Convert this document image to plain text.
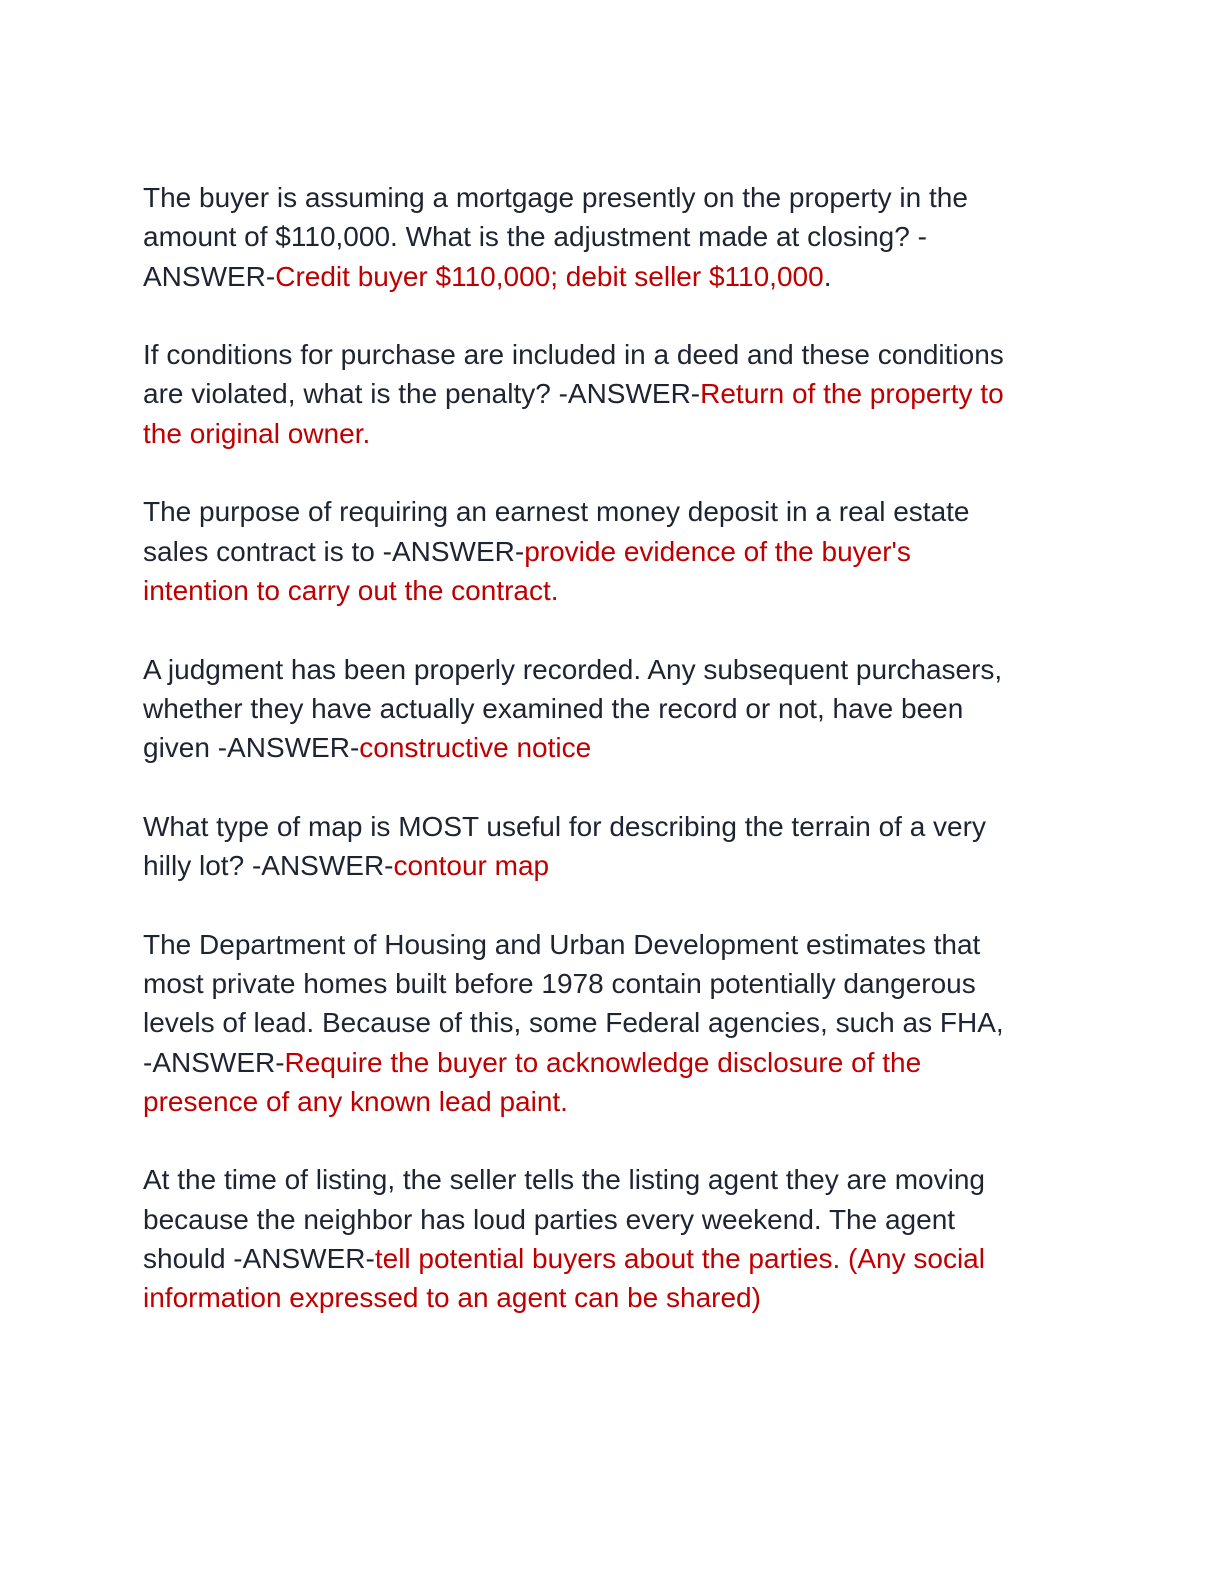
The buyer is assuming a mortgage presently on the property in the
amount of $110,000. What is the adjustment made at closing? -
ANSWER-Credit buyer $110,000; debit seller $110,000.

If conditions for purchase are included in a deed and these conditions
are violated, what is the penalty? -ANSWER-Return of the property to
the original owner.

The purpose of requiring an earnest money deposit in a real estate
sales contract is to -ANSWER-provide evidence of the buyer's
intention to carry out the contract.

A judgment has been properly recorded. Any subsequent purchasers,
whether they have actually examined the record or not, have been
given -ANSWER-constructive notice

What type of map is MOST useful for describing the terrain of a very
hilly lot? -ANSWER-contour map

The Department of Housing and Urban Development estimates that
most private homes built before 1978 contain potentially dangerous
levels of lead. Because of this, some Federal agencies, such as FHA,
-ANSWER-Require the buyer to acknowledge disclosure of the
presence of any known lead paint.

At the time of listing, the seller tells the listing agent they are moving
because the neighbor has loud parties every weekend. The agent
should -ANSWER-tell potential buyers about the parties. (Any social
information expressed to an agent can be shared)
